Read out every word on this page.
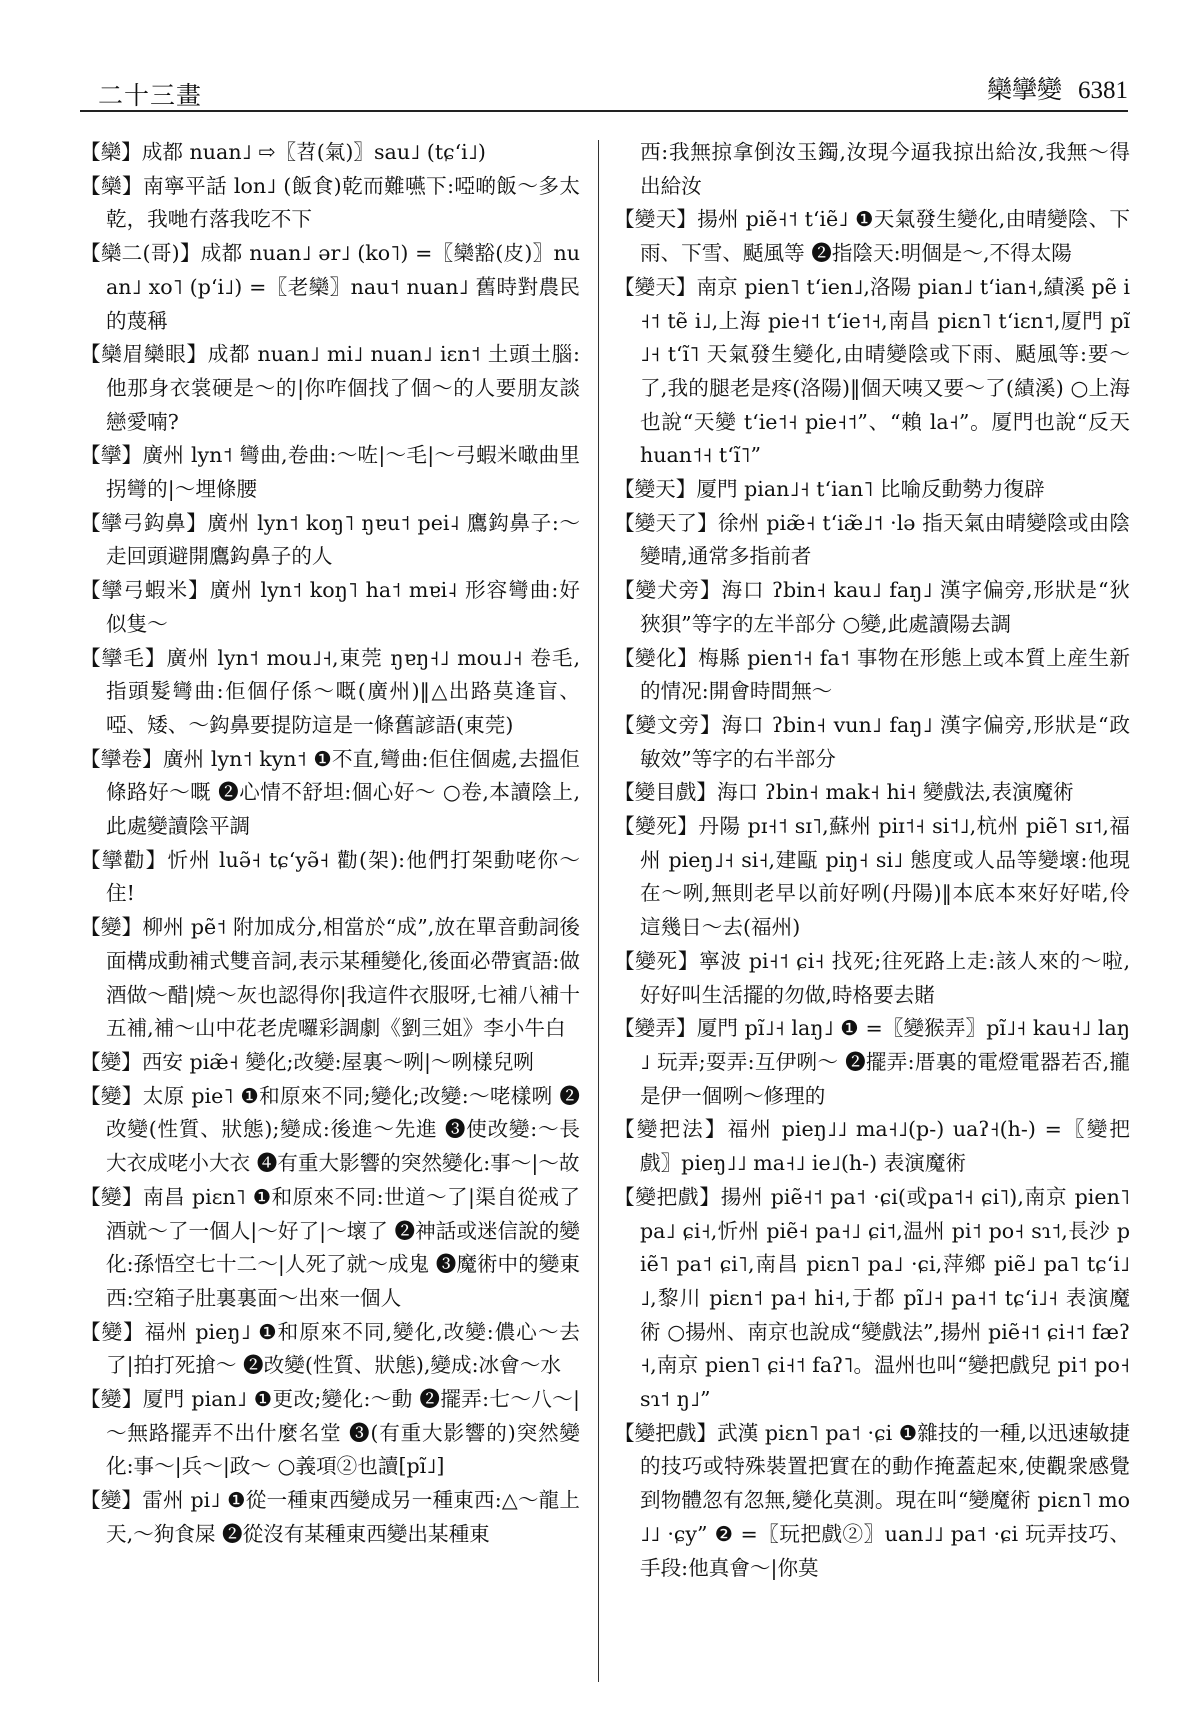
二十三畫	欒攣變 6381

【欒】成都 nuan˩ ⇨〖苕(氣)〗sau˩ (tɕʻi˩)

【欒】南寧平話 lon˩ (飯食)乾而難嚥下:啞啲飯～多太乾，我哋冇落我吃不下

【欒二(哥)】成都 nuan˩ ər˩ (ko˥) =〖欒豁(皮)〗nuan˩ xo˥ (pʻi˩) =〖老欒〗nau˦ nuan˩ 舊時對農民的蔑稱

【欒眉欒眼】成都 nuan˩ mi˩ nuan˩ iɛn˦ 土頭土腦:他那身衣裳硬是～的|你咋個找了個～的人要朋友談戀愛喃?

【攣】廣州 lyn˦ 彎曲,卷曲:～咗|～毛|～弓蝦米噉曲里拐彎的|～埋條腰

【攣弓鈎鼻】廣州 lyn˦ koŋ˥ ŋɐu˦ pei˨ 鷹鈎鼻子:～走回頭避開鷹鈎鼻子的人

【攣弓蝦米】廣州 lyn˦ koŋ˥ ha˦ mɐi˨ 形容彎曲:好似隻～

【攣毛】廣州 lyn˦ mou˩˧,東莞 ŋɐŋ˧˩ mou˩˧ 卷毛,指頭髮彎曲:佢個仔係～嘅(廣州)‖△出路莫逢盲、啞、矮、～鈎鼻要提防這是一條舊諺語(東莞)

【攣卷】廣州 lyn˦ kyn˦ ❶不直,彎曲:佢住個處,去搵佢條路好～嘅 ❷心情不舒坦:個心好～ ○卷,本讀陰上,此處變讀陰平調

【攣勸】忻州 luə̃˧ tɕʻyə̃˧ 勸(架):他們打架動咾你～住!

【變】柳州 pẽ˦ 附加成分,相當於“成”,放在單音動詞後面構成動補式雙音詞,表示某種變化,後面必帶賓語:做酒做～醋|燒～灰也認得你|我這件衣服呀,七補八補十五補,補～山中花老虎囉彩調劇《劉三姐》李小牛白

【變】西安 piæ̃˧ 變化;改變:屋裏～咧|～咧樣兒咧

【變】太原 pie˥ ❶和原來不同;變化;改變:～咾樣咧 ❷改變(性質、狀態);變成:後進～先進 ❸使改變:～長大衣成咾小大衣 ❹有重大影響的突然變化:事～|～故

【變】南昌 piɛn˥ ❶和原來不同:世道～了|渠自從戒了酒就～了一個人|～好了|～壞了 ❷神話或迷信說的變化:孫悟空七十二～|人死了就～成鬼 ❸魔術中的變東西:空箱子肚裏裏面～出來一個人

【變】福州 pieŋ˩ ❶和原來不同,變化,改變:儂心～去了|拍打死搶～ ❷改變(性質、狀態),變成:冰會～水

【變】厦門 pian˩ ❶更改;變化:～動 ❷擺弄:七～八～|～無路擺弄不出什麼名堂 ❸(有重大影響的)突然變化:事～|兵～|政～ ○義項②也讀[pĩ˩]

【變】雷州 pi˩ ❶從一種東西變成另一種東西:△～龍上天,～狗食屎 ❷從沒有某種東西變出某種東

西:我無掠拿倒汝玉鐲,汝現今逼我掠出給汝,我無～得出給汝

【變天】揚州 piẽ˧˦ tʻiẽ˩ ❶天氣發生變化,由晴變陰、下雨、下雪、颳風等 ❷指陰天:明個是～,不得太陽

【變天】南京 pien˥ tʻien˩,洛陽 pian˩ tʻian˧,績溪 pẽ i˧˦ tẽ i˩,上海 pie˧˦ tʻie˦˧,南昌 piɛn˥ tʻiɛn˦,厦門 pĩ˩˧ tʻĩ˥ 天氣發生變化,由晴變陰或下雨、颳風等:要～了,我的腿老是疼(洛陽)‖個天咦又要～了(績溪) ○上海也說“天變 tʻie˦˧ pie˧˦”、“賴 la˧”。厦門也說“反天 huan˦˧ tʻĩ˥”

【變天】厦門 pian˩˧ tʻian˥ 比喻反動勢力復辟

【變天了】徐州 piæ̃˧ tʻiæ̃˩˦ ·lə 指天氣由晴變陰或由陰變晴,通常多指前者

【變犬旁】海口 ʔbin˧ kau˩ faŋ˩ 漢字偏旁,形狀是“狄狹狽”等字的左半部分 ○變,此處讀陽去調

【變化】梅縣 pien˦˧ fa˦ 事物在形態上或本質上産生新的情况:開會時間無～

【變文旁】海口 ʔbin˧ vun˩ faŋ˩ 漢字偏旁,形狀是“政敏效”等字的右半部分

【變目戲】海口 ʔbin˧ mak˧ hi˧ 變戲法,表演魔術

【變死】丹陽 pɪ˧˦ sɪ˥,蘇州 piɪ˦˧ si˦˩,杭州 piẽ˥ sɪ˦,福州 pieŋ˩˧ si˧,建甌 piŋ˧ si˩ 態度或人品等變壞:他現在～咧,無則老早以前好咧(丹陽)‖本底本來好好喏,伶這幾日～去(福州)

【變死】寧波 pi˧˦ ɕi˧ 找死;往死路上走:該人來的～啦,好好叫生活擺的勿做,時格要去賭

【變弄】厦門 pĩ˩˧ laŋ˩ ❶ =〖變猴弄〗pĩ˩˧ kau˧˩ laŋ˩ 玩弄;耍弄:互伊咧～ ❷擺弄:厝裏的電燈電器若否,攏是伊一個咧～修理的

【變把法】福州 pieŋ˩˩ ma˧˩(p-) uaʔ˧(h-) =〖變把戲〗pieŋ˩˩ ma˧˩ ie˩(h-) 表演魔術

【變把戲】揚州 piẽ˧˦ pa˦ ·ɕi(或pa˦˧ ɕi˥),南京 pien˥ pa˩ ɕi˧,忻州 piẽ˧ pa˧˩ ɕi˦,温州 pi˦ po˧ sɿ˦,長沙 piẽ˥ pa˦ ɕi˥,南昌 piɛn˥ pa˩ ·ɕi,萍鄉 piẽ˩ pa˥ tɕʻi˩˩,黎川 piɛn˦ pa˧ hi˧,于都 pĩ˩˧ pa˧˦ tɕʻi˩˧ 表演魔術 ○揚州、南京也說成“變戲法”,揚州 piẽ˧˦ ɕi˧˦ fæʔ˧,南京 pien˥ ɕi˧˦ faʔ˥。温州也叫“變把戲兒 pi˦ po˧ sɿ˦ ŋ˩”

【變把戲】武漢 piɛn˥ pa˦ ·ɕi ❶雜技的一種,以迅速敏捷的技巧或特殊裝置把實在的動作掩蓋起來,使觀衆感覺到物體忽有忽無,變化莫測。現在叫“變魔術 piɛn˥ mo˩˩ ·ɕy” ❷ =〖玩把戲②〗uan˩˩ pa˦ ·ɕi 玩弄技巧、手段:他真會～|你莫
